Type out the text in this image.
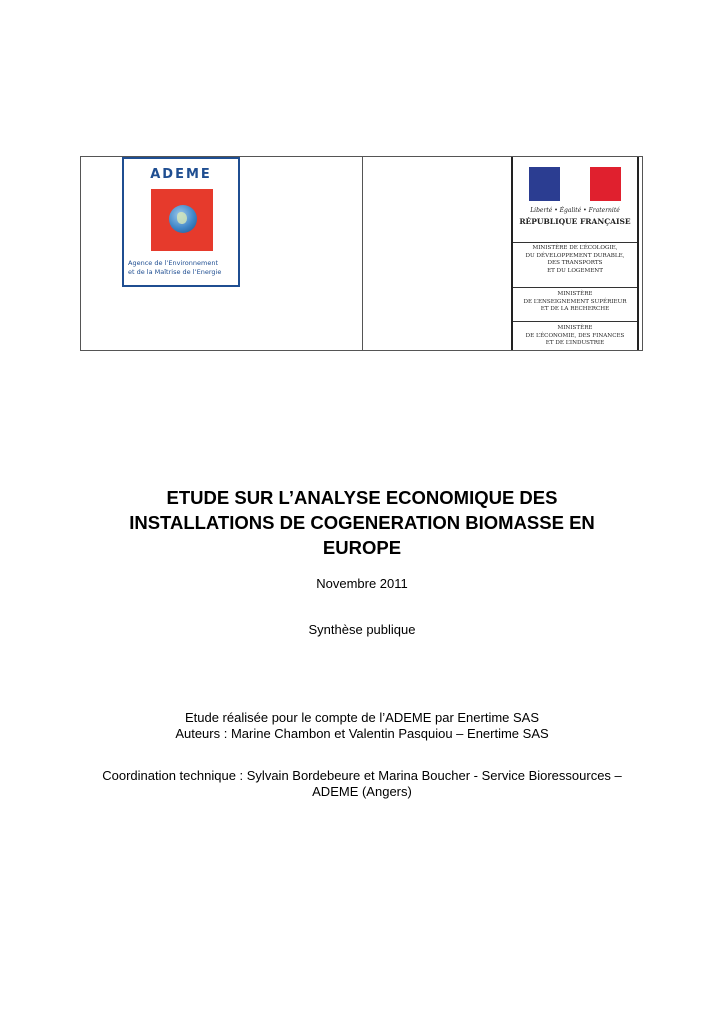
ADEME
Agence de l’Environnement
et de la Maîtrise de l’Energie
Liberté • Égalité • Fraternité
RÉPUBLIQUE FRANÇAISE
MINISTÈRE DE L’ÉCOLOGIE,
DU DÉVELOPPEMENT DURABLE,
DES TRANSPORTS
ET DU LOGEMENT
MINISTÈRE
DE L’ENSEIGNEMENT SUPÉRIEUR
ET DE LA RECHERCHE
MINISTÈRE
DE L’ÉCONOMIE, DES FINANCES
ET DE L’INDUSTRIE
ETUDE SUR L’ANALYSE ECONOMIQUE DES
INSTALLATIONS DE COGENERATION BIOMASSE EN
EUROPE
Novembre 2011
Synthèse publique
Etude réalisée pour le compte de l’ADEME par Enertime SAS
Auteurs : Marine Chambon et Valentin Pasquiou – Enertime SAS
Coordination technique : Sylvain Bordebeure et Marina Boucher - Service Bioressources –
ADEME (Angers)
